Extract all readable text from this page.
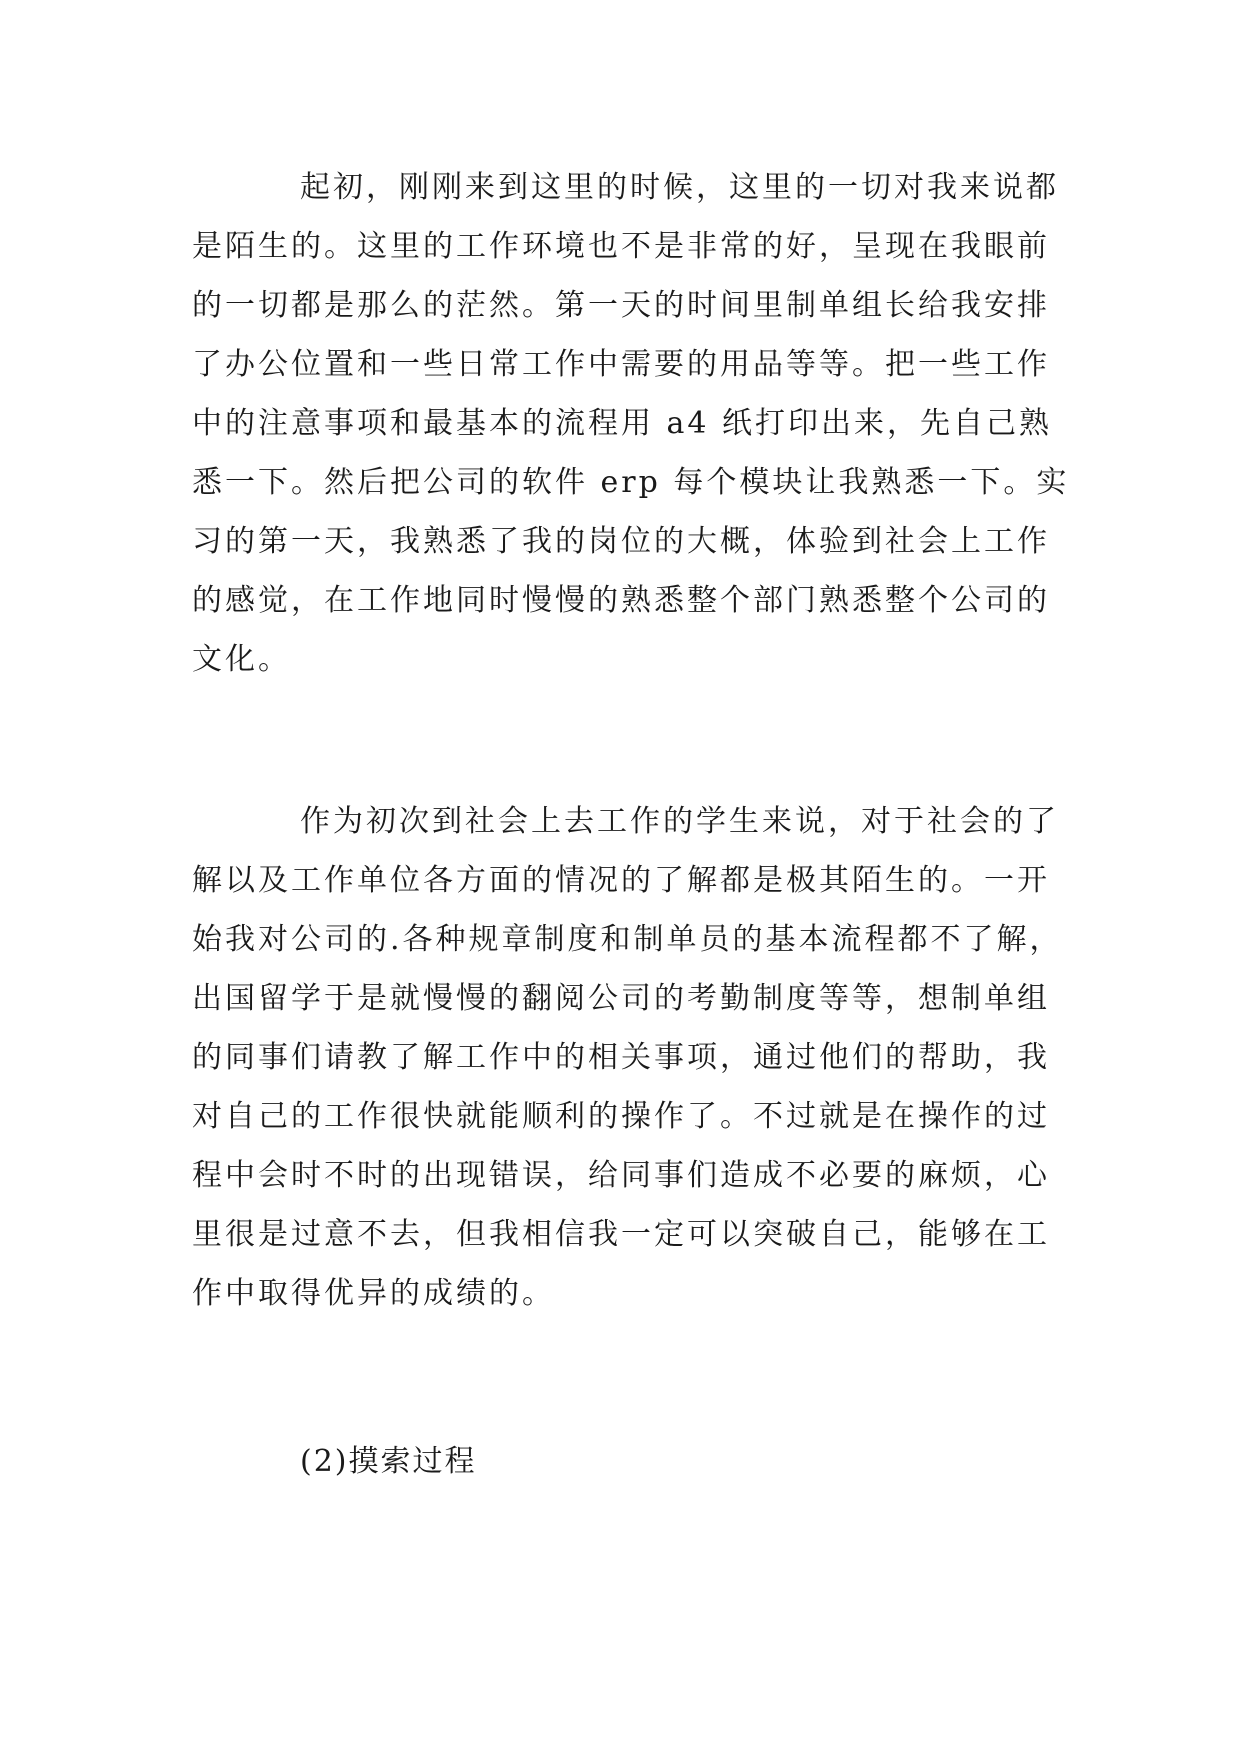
起初，刚刚来到这里的时候，这里的一切对我来说都
是陌生的。这里的工作环境也不是非常的好，呈现在我眼前
的一切都是那么的茫然。第一天的时间里制单组长给我安排
了办公位置和一些日常工作中需要的用品等等。把一些工作
中的注意事项和最基本的流程用 a4 纸打印出来，先自己熟
悉一下。然后把公司的软件 erp 每个模块让我熟悉一下。实
习的第一天，我熟悉了我的岗位的大概，体验到社会上工作
的感觉，在工作地同时慢慢的熟悉整个部门熟悉整个公司的
文化。
作为初次到社会上去工作的学生来说，对于社会的了
解以及工作单位各方面的情况的了解都是极其陌生的。一开
始我对公司的.各种规章制度和制单员的基本流程都不了解，
出国留学于是就慢慢的翻阅公司的考勤制度等等，想制单组
的同事们请教了解工作中的相关事项，通过他们的帮助，我
对自己的工作很快就能顺利的操作了。不过就是在操作的过
程中会时不时的出现错误，给同事们造成不必要的麻烦，心
里很是过意不去，但我相信我一定可以突破自己，能够在工
作中取得优异的成绩的。
(2)摸索过程
